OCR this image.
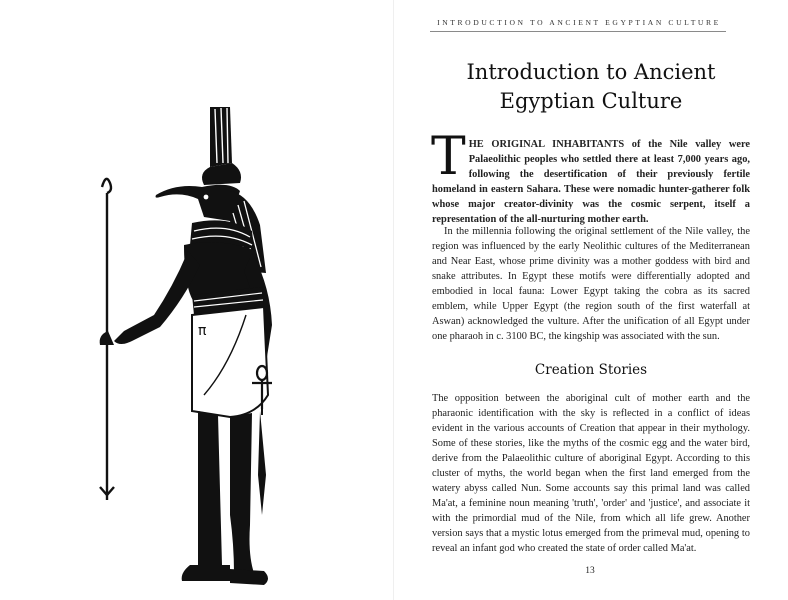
π
INTRODUCTION TO ANCIENT EGYPTIAN CULTURE
Introduction to Ancient Egyptian Culture

THE ORIGINAL INHABITANTS of the Nile valley were Palaeolithic peoples who settled there at least 7,000 years ago, following the desertification of their previously fertile homeland in eastern Sahara. These were nomadic hunter-gatherer folk whose major creator-divinity was the cosmic serpent, itself a representation of the all-nurturing mother earth.

In the millennia following the original settlement of the Nile valley, the region was influenced by the early Neolithic cultures of the Mediterranean and Near East, whose prime divinity was a mother goddess with bird and snake attributes. In Egypt these motifs were differentially adopted and embodied in local fauna: Lower Egypt taking the cobra as its sacred emblem, while Upper Egypt (the region south of the first waterfall at Aswan) acknowledged the vulture. After the unification of all Egypt under one pharaoh in c. 3100 BC, the kingship was associated with the sun.

Creation Stories

The opposition between the aboriginal cult of mother earth and the pharaonic identification with the sky is reflected in a conflict of ideas evident in the various accounts of Creation that appear in their mythology. Some of these stories, like the myths of the cosmic egg and the water bird, derive from the Palaeolithic culture of aboriginal Egypt. According to this cluster of myths, the world began when the first land emerged from the watery abyss called Nun. Some accounts say this primal land was called Ma'at, a feminine noun meaning 'truth', 'order' and 'justice', and associate it with the primordial mud of the Nile, from which all life grew. Another version says that a mystic lotus emerged from the primeval mud, opening to reveal an infant god who created the state of order called Ma'at.

13
